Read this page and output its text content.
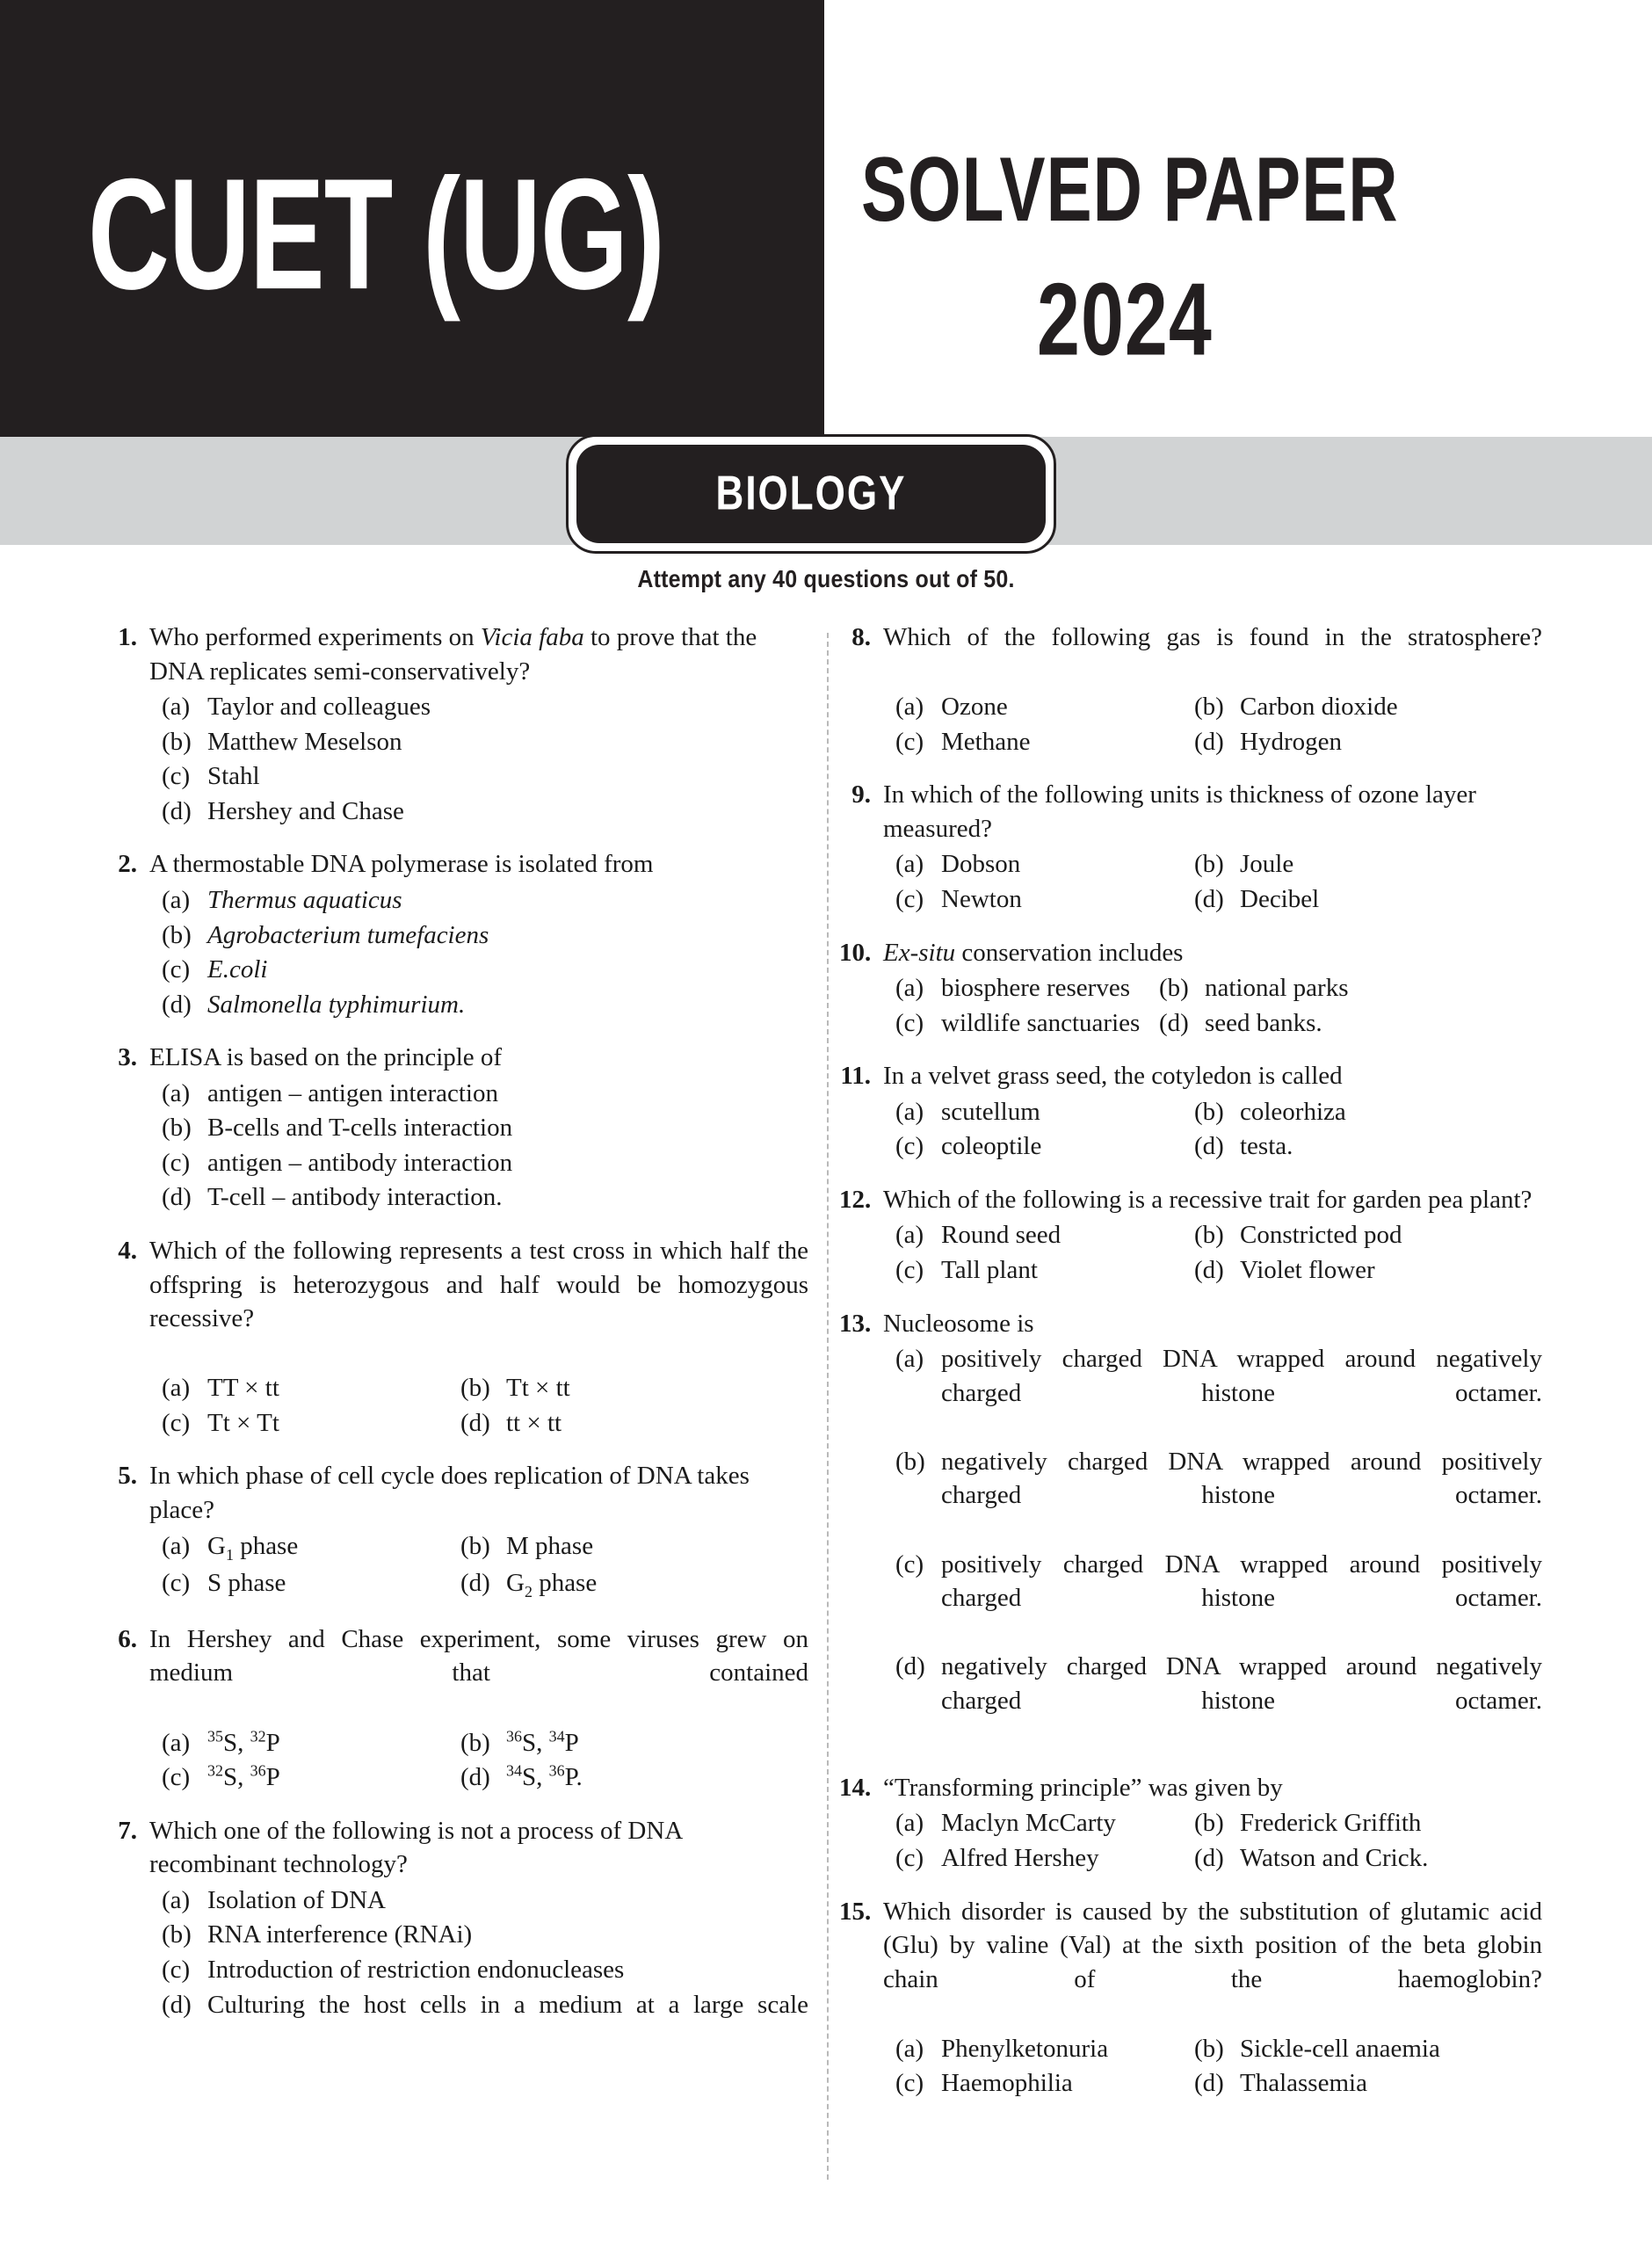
CUET (UG)	SOLVED PAPER
2024
BIOLOGY
Attempt any 40 questions out of 50.
1. Who performed experiments on Vicia faba to prove that the DNA replicates semi-conservatively?
(a) Taylor and colleagues
(b) Matthew Meselson
(c) Stahl
(d) Hershey and Chase
2. A thermostable DNA polymerase is isolated from
(a) Thermus aquaticus
(b) Agrobacterium tumefaciens
(c) E.coli
(d) Salmonella typhimurium.
3. ELISA is based on the principle of
(a) antigen – antigen interaction
(b) B-cells and T-cells interaction
(c) antigen – antibody interaction
(d) T-cell – antibody interaction.
4. Which of the following represents a test cross in which half the offspring is heterozygous and half would be homozygous recessive?
(a) TT × tt	(b) Tt × tt
(c) Tt × Tt	(d) tt × tt
5. In which phase of cell cycle does replication of DNA takes place?
(a) $G_1$ phase	(b) M phase
(c) S phase	(d) $G_2$ phase
6. In Hershey and Chase experiment, some viruses grew on medium that contained
(a)	$^{35}$S, $^{32}$P	(b)	$^{36}$S, $^{34}$P
(c)	$^{32}$S, $^{36}$P	(d)	$^{34}$S, $^{36}$P.
7. Which one of the following is not a process of DNA recombinant technology?
(a) Isolation of DNA
(b) RNA interference (RNAi)
(c) Introduction of restriction endonucleases
(d) Culturing the host cells in a medium at a large scale
8. Which of the following gas is found in the stratosphere?
(a) Ozone	(b) Carbon dioxide
(c) Methane	(d) Hydrogen
9. In which of the following units is thickness of ozone layer measured?
(a) Dobson	(b) Joule
(c) Newton	(d) Decibel
10. Ex-situ conservation includes
(a) biosphere reserves	(b) national parks
(c) wildlife sanctuaries (d) seed banks.
11. In a velvet grass seed, the cotyledon is called
(a) scutellum	(b) coleorhiza
(c) coleoptile	(d) testa.
12. Which of the following is a recessive trait for garden pea plant?
(a) Round seed	(b) Constricted pod
(c) Tall plant	(d) Violet flower
13. Nucleosome is
(a) positively charged DNA wrapped around negatively charged histone octamer.
(b) negatively charged DNA wrapped around positively charged histone octamer.
(c) positively charged DNA wrapped around positively charged histone octamer.
(d) negatively charged DNA wrapped around negatively charged histone octamer.
14. “Transforming principle” was given by
(a) Maclyn McCarty	(b) Frederick Griffith
(c) Alfred Hershey	(d) Watson and Crick.
15. Which disorder is caused by the substitution of glutamic acid (Glu) by valine (Val) at the sixth position of the beta globin chain of the haemoglobin?
(a) Phenylketonuria	(b) Sickle-cell anaemia
(c) Haemophilia	(d) Thalassemia
